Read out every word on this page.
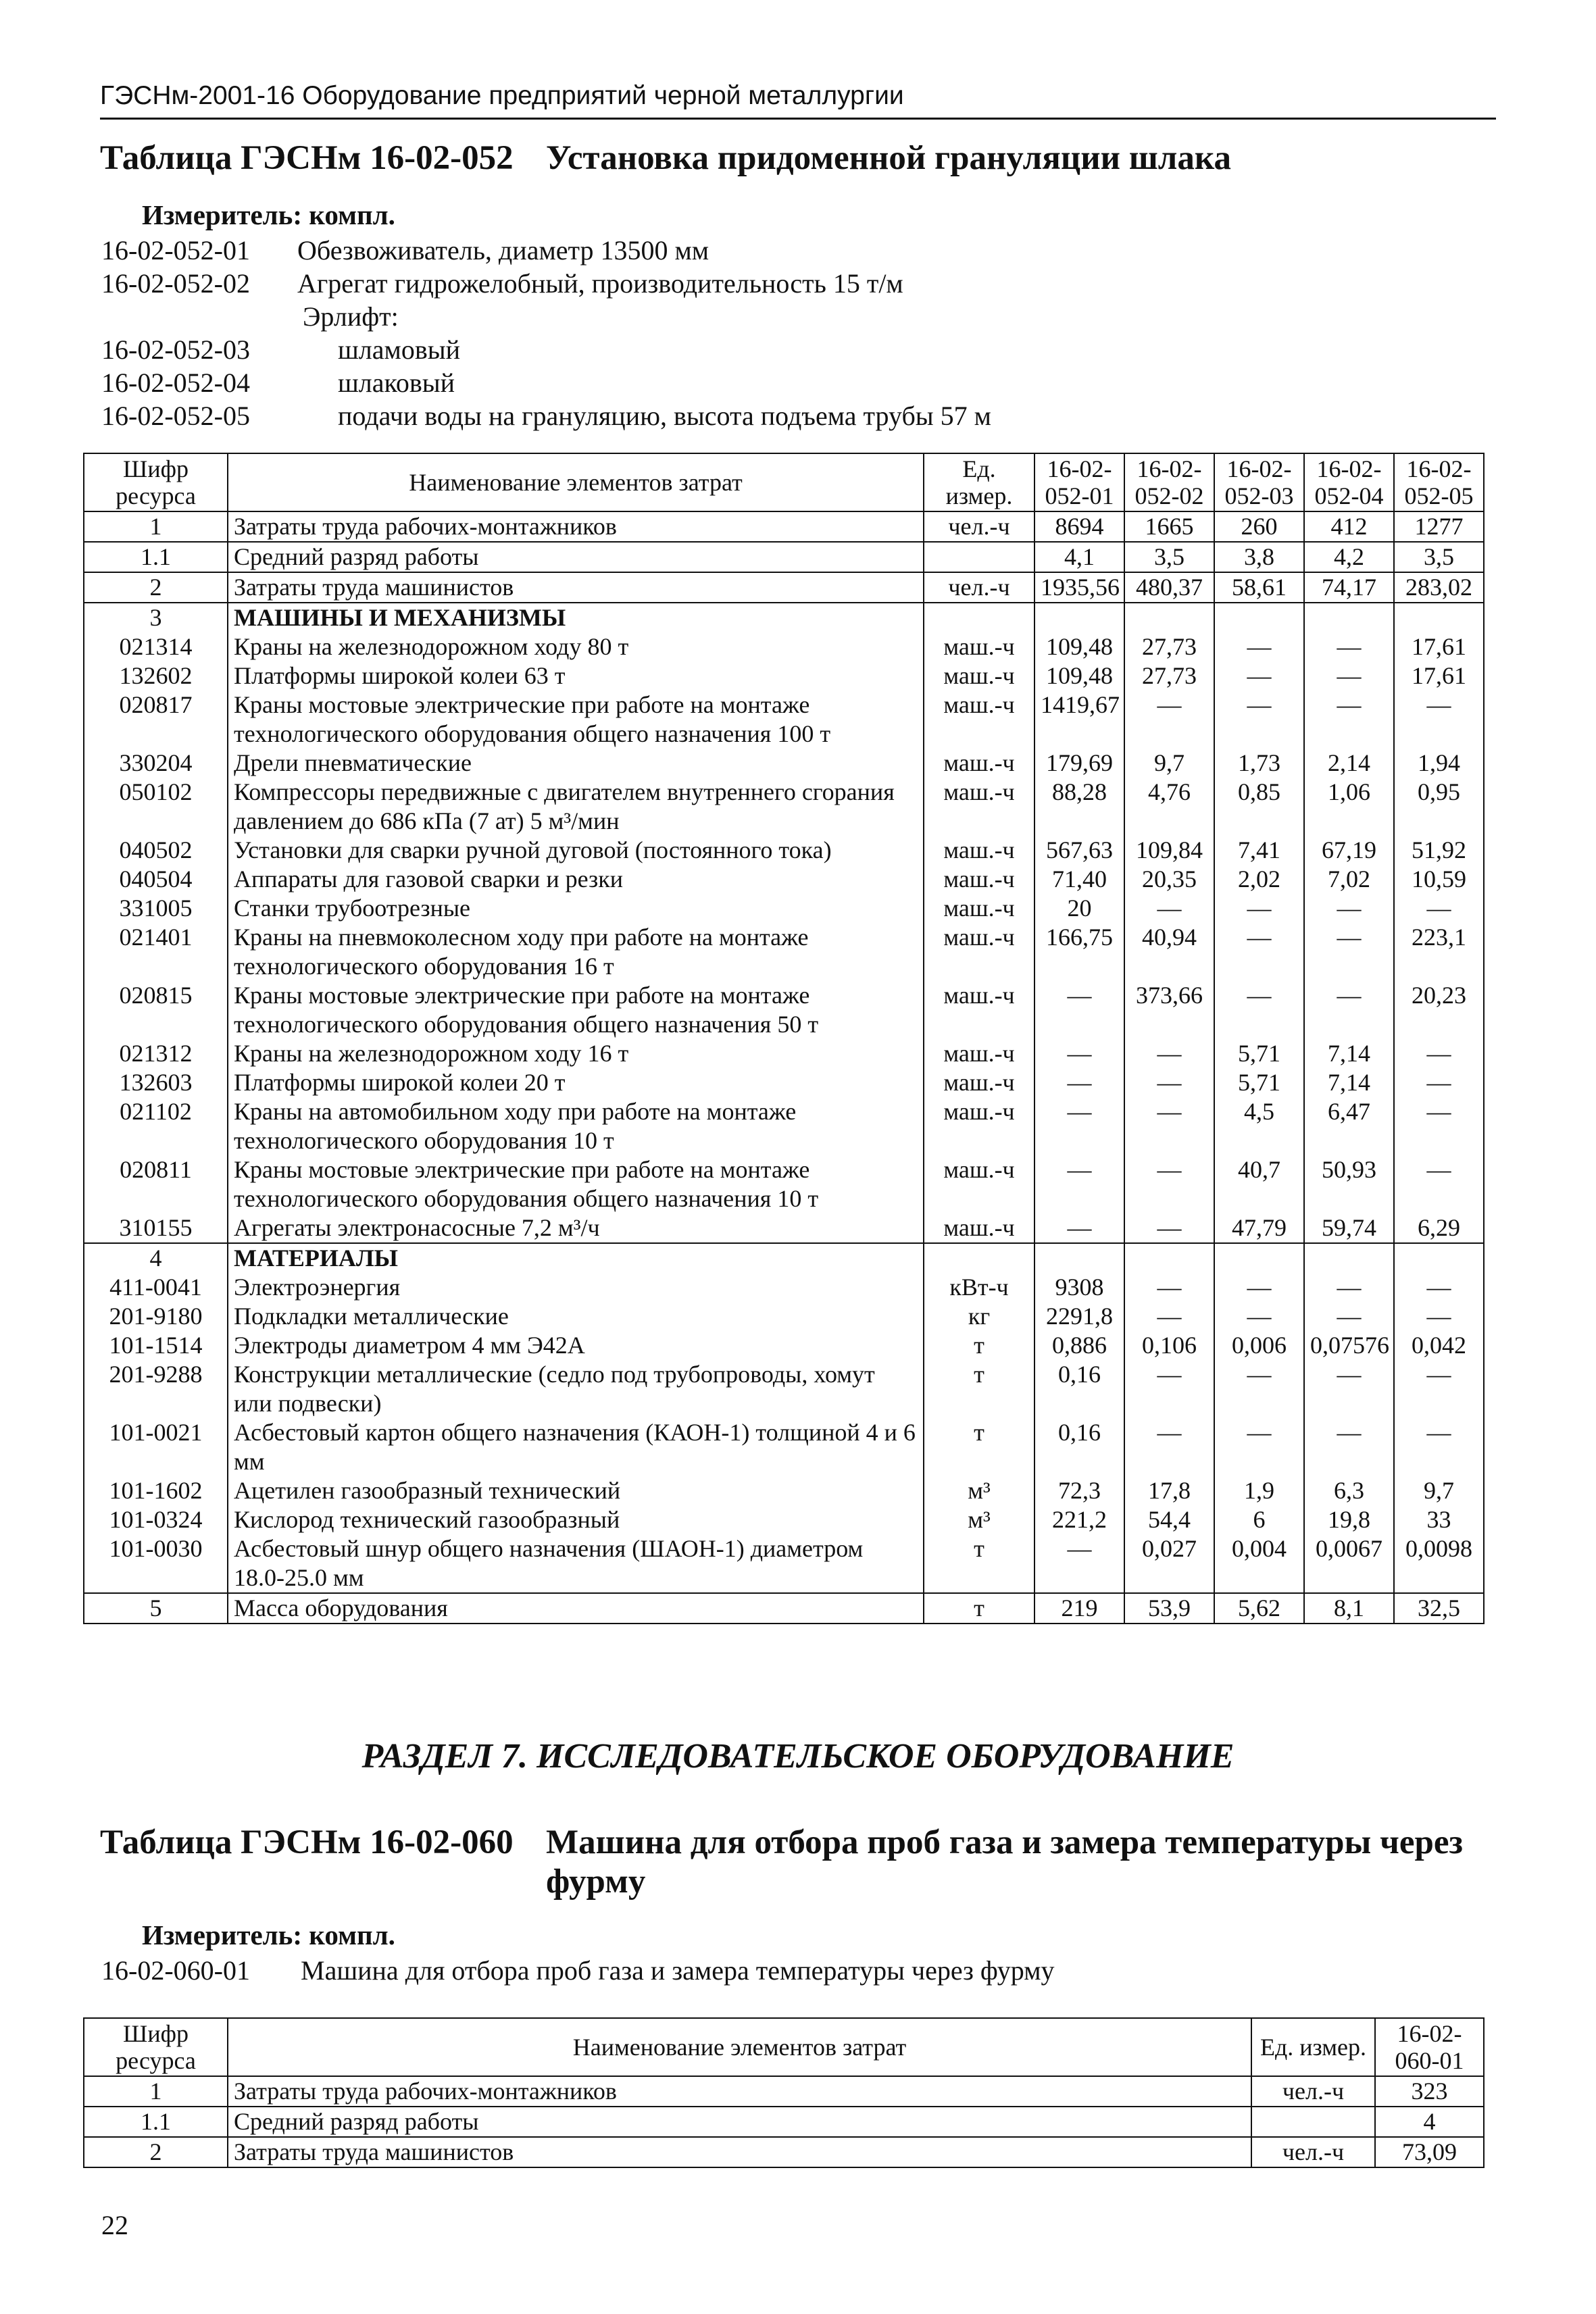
ГЭСНм-2001-16 Оборудование предприятий черной металлургии
Таблица ГЭСНм 16-02-052 Установка придоменной грануляции шлака
Измеритель: компл.
16-02-052-01 Обезвоживатель, диаметр 13500 мм
16-02-052-02 Агрегат гидрожелобный, производительность 15 т/м
Эрлифт:
16-02-052-03	шламовый
16-02-052-04	шлаковый
16-02-052-05	подачи воды на грануляцию, высота подъема трубы 57 м
Шифр ресурса	Наименование элементов затрат	Ед. измер.	16-02-052-01	16-02-052-02	16-02-052-03	16-02-052-04	16-02-052-05
1	Затраты труда рабочих-монтажников	чел.-ч	8694	1665	260	412	1277
1.1	Средний разряд работы		4,1	3,5	3,8	4,2	3,5
2	Затраты труда машинистов	чел.-ч	1935,56	480,37	58,61	74,17	283,02
3	МАШИНЫ И МЕХАНИЗМЫ						
021314	Краны на железнодорожном ходу 80 т	маш.-ч	109,48	27,73	—	—	17,61
132602	Платформы широкой колеи 63 т	маш.-ч	109,48	27,73	—	—	17,61
020817	Краны мостовые электрические при работе на монтаже технологического оборудования общего назначения 100 т	маш.-ч	1419,67	—	—	—	—
330204	Дрели пневматические	маш.-ч	179,69	9,7	1,73	2,14	1,94
050102	Компрессоры передвижные с двигателем внутреннего сгорания давлением до 686 кПа (7 ат) 5 м³/мин	маш.-ч	88,28	4,76	0,85	1,06	0,95
040502	Установки для сварки ручной дуговой (постоянного тока)	маш.-ч	567,63	109,84	7,41	67,19	51,92
040504	Аппараты для газовой сварки и резки	маш.-ч	71,40	20,35	2,02	7,02	10,59
331005	Станки трубоотрезные	маш.-ч	20	—	—	—	—
021401	Краны на пневмоколесном ходу при работе на монтаже технологического оборудования 16 т	маш.-ч	166,75	40,94	—	—	223,1
020815	Краны мостовые электрические при работе на монтаже технологического оборудования общего назначения 50 т	маш.-ч	—	373,66	—	—	20,23
021312	Краны на железнодорожном ходу 16 т	маш.-ч	—	—	5,71	7,14	—
132603	Платформы широкой колеи 20 т	маш.-ч	—	—	5,71	7,14	—
021102	Краны на автомобильном ходу при работе на монтаже технологического оборудования 10 т	маш.-ч	—	—	4,5	6,47	—
020811	Краны мостовые электрические при работе на монтаже технологического оборудования общего назначения 10 т	маш.-ч	—	—	40,7	50,93	—
310155	Агрегаты электронасосные 7,2 м³/ч	маш.-ч	—	—	47,79	59,74	6,29
4	МАТЕРИАЛЫ						
411-0041	Электроэнергия	кВт-ч	9308	—	—	—	—
201-9180	Подкладки металлические	кг	2291,8	—	—	—	—
101-1514	Электроды диаметром 4 мм Э42А	т	0,886	0,106	0,006	0,07576	0,042
201-9288	Конструкции металлические (седло под трубопроводы, хомут или подвески)	т	0,16	—	—	—	—
101-0021	Асбестовый картон общего назначения (КАОН-1) толщиной 4 и 6 мм	т	0,16	—	—	—	—
101-1602	Ацетилен газообразный технический	м³	72,3	17,8	1,9	6,3	9,7
101-0324	Кислород технический газообразный	м³	221,2	54,4	6	19,8	33
101-0030	Асбестовый шнур общего назначения (ШАОН-1) диаметром 18.0-25.0 мм	т	—	0,027	0,004	0,0067	0,0098
5	Масса оборудования	т	219	53,9	5,62	8,1	32,5
РАЗДЕЛ 7. ИССЛЕДОВАТЕЛЬСКОЕ ОБОРУДОВАНИЕ
Таблица ГЭСНм 16-02-060 Машина для отбора проб газа и замера температуры через фурму
Измеритель: компл.
16-02-060-01 Машина для отбора проб газа и замера температуры через фурму
Шифр ресурса	Наименование элементов затрат	Ед. измер.	16-02-060-01
1	Затраты труда рабочих-монтажников	чел.-ч	323
1.1	Средний разряд работы		4
2	Затраты труда машинистов	чел.-ч	73,09
22
